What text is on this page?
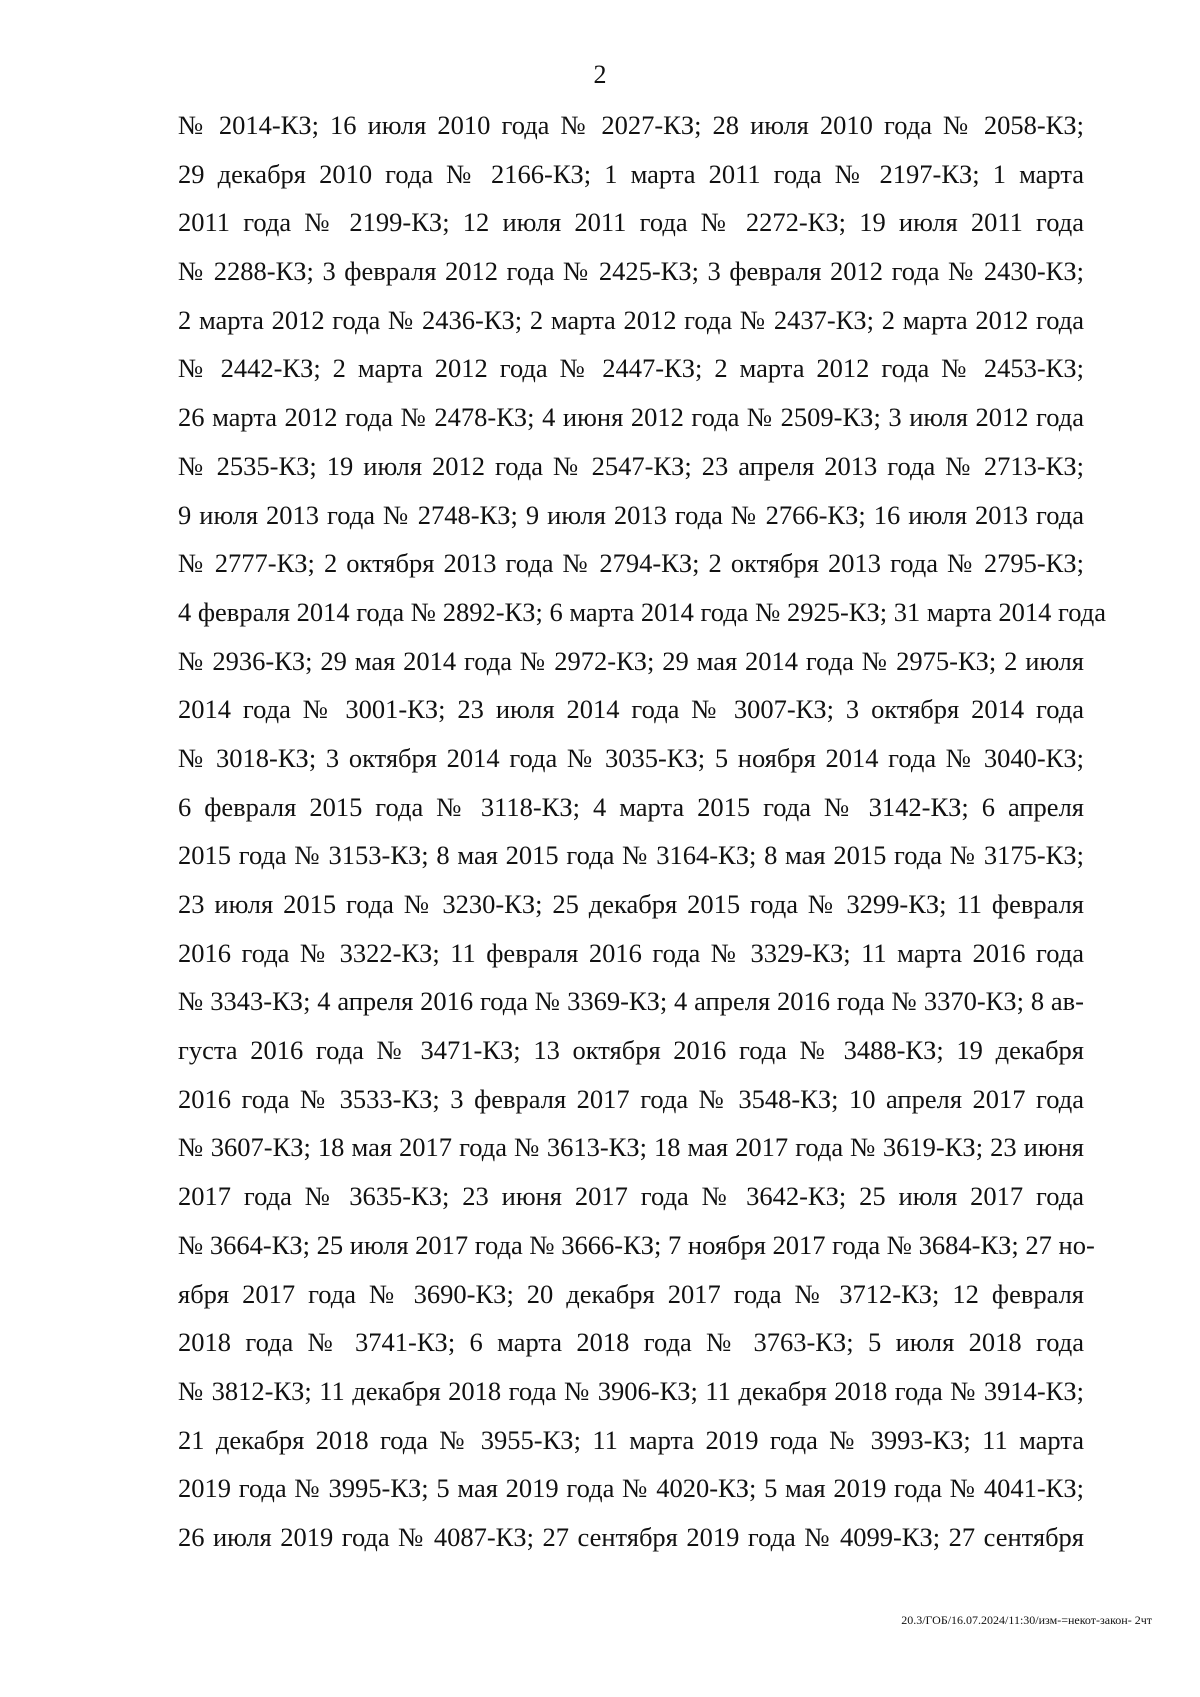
2
№ 2014-КЗ; 16 июля 2010 года № 2027-КЗ; 28 июля 2010 года № 2058-КЗ;
29 декабря 2010 года № 2166-КЗ; 1 марта 2011 года № 2197-КЗ; 1 марта
2011 года № 2199-КЗ; 12 июля 2011 года № 2272-КЗ; 19 июля 2011 года
№ 2288-КЗ; 3 февраля 2012 года № 2425-КЗ; 3 февраля 2012 года № 2430-КЗ;
2 марта 2012 года № 2436-КЗ; 2 марта 2012 года № 2437-КЗ; 2 марта 2012 года
№ 2442-КЗ; 2 марта 2012 года № 2447-КЗ; 2 марта 2012 года № 2453-КЗ;
26 марта 2012 года № 2478-КЗ; 4 июня 2012 года № 2509-КЗ; 3 июля 2012 года
№ 2535-КЗ; 19 июля 2012 года № 2547-КЗ; 23 апреля 2013 года № 2713-КЗ;
9 июля 2013 года № 2748-КЗ; 9 июля 2013 года № 2766-КЗ; 16 июля 2013 года
№ 2777-КЗ; 2 октября 2013 года № 2794-КЗ; 2 октября 2013 года № 2795-КЗ;
4 февраля 2014 года № 2892-КЗ; 6 марта 2014 года № 2925-КЗ; 31 марта 2014 года
№ 2936-КЗ; 29 мая 2014 года № 2972-КЗ; 29 мая 2014 года № 2975-КЗ; 2 июля
2014 года № 3001-КЗ; 23 июля 2014 года № 3007-КЗ; 3 октября 2014 года
№ 3018-КЗ; 3 октября 2014 года № 3035-КЗ; 5 ноября 2014 года № 3040-КЗ;
6 февраля 2015 года № 3118-КЗ; 4 марта 2015 года № 3142-КЗ; 6 апреля
2015 года № 3153-КЗ; 8 мая 2015 года № 3164-КЗ; 8 мая 2015 года № 3175-КЗ;
23 июля 2015 года № 3230-КЗ; 25 декабря 2015 года № 3299-КЗ; 11 февраля
2016 года № 3322-КЗ; 11 февраля 2016 года № 3329-КЗ; 11 марта 2016 года
№ 3343-КЗ; 4 апреля 2016 года № 3369-КЗ; 4 апреля 2016 года № 3370-КЗ; 8 ав-
густа 2016 года № 3471-КЗ; 13 октября 2016 года № 3488-КЗ; 19 декабря
2016 года № 3533-КЗ; 3 февраля 2017 года № 3548-КЗ; 10 апреля 2017 года
№ 3607-КЗ; 18 мая 2017 года № 3613-КЗ; 18 мая 2017 года № 3619-КЗ; 23 июня
2017 года № 3635-КЗ; 23 июня 2017 года № 3642-КЗ; 25 июля 2017 года
№ 3664-КЗ; 25 июля 2017 года № 3666-КЗ; 7 ноября 2017 года № 3684-КЗ; 27 но-
ября 2017 года № 3690-КЗ; 20 декабря 2017 года № 3712-КЗ; 12 февраля
2018 года № 3741-КЗ; 6 марта 2018 года № 3763-КЗ; 5 июля 2018 года
№ 3812-КЗ; 11 декабря 2018 года № 3906-КЗ; 11 декабря 2018 года № 3914-КЗ;
21 декабря 2018 года № 3955-КЗ; 11 марта 2019 года № 3993-КЗ; 11 марта
2019 года № 3995-КЗ; 5 мая 2019 года № 4020-КЗ; 5 мая 2019 года № 4041-КЗ;
26 июля 2019 года № 4087-КЗ; 27 сентября 2019 года № 4099-КЗ; 27 сентября
20.3/ГОБ/16.07.2024/11:30/изм-=некот-закон- 2чт
